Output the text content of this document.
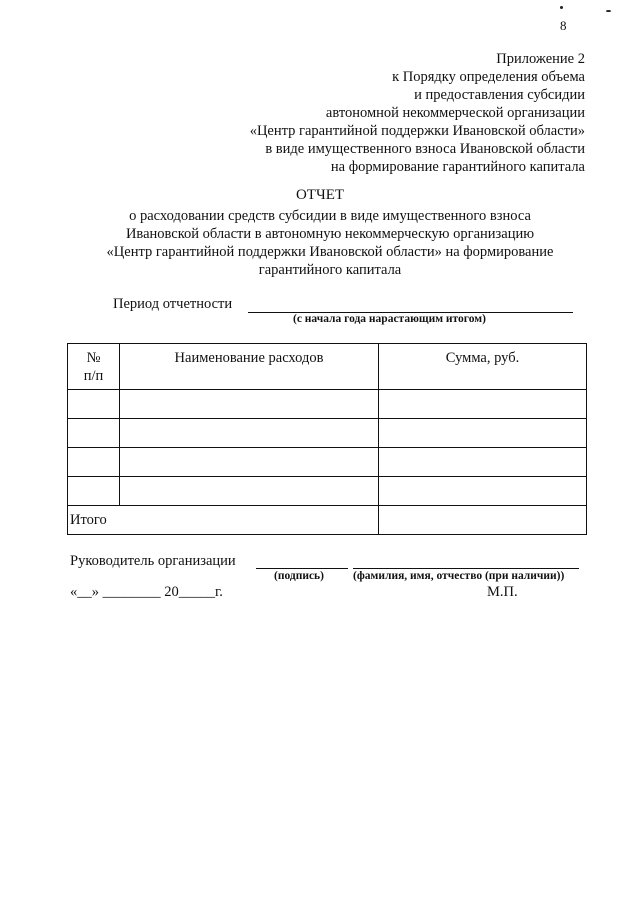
8
Приложение 2
к Порядку определения объема
и предоставления субсидии
автономной некоммерческой организации
«Центр гарантийной поддержки Ивановской области»
в виде имущественного взноса Ивановской области
на формирование гарантийного капитала
ОТЧЕТ
о расходовании средств субсидии в виде имущественного взноса
Ивановской области в автономную некоммерческую организацию
«Центр гарантийной поддержки Ивановской области» на формирование
гарантийного капитала
Период отчетности
(с начала года нарастающим итогом)
№
п/п	Наименование расходов	Сумма, руб.

Итого		
Руководитель организации
(подпись)	(фамилия, имя, отчество (при наличии))
«__» ________ 20_____г.	М.П.
